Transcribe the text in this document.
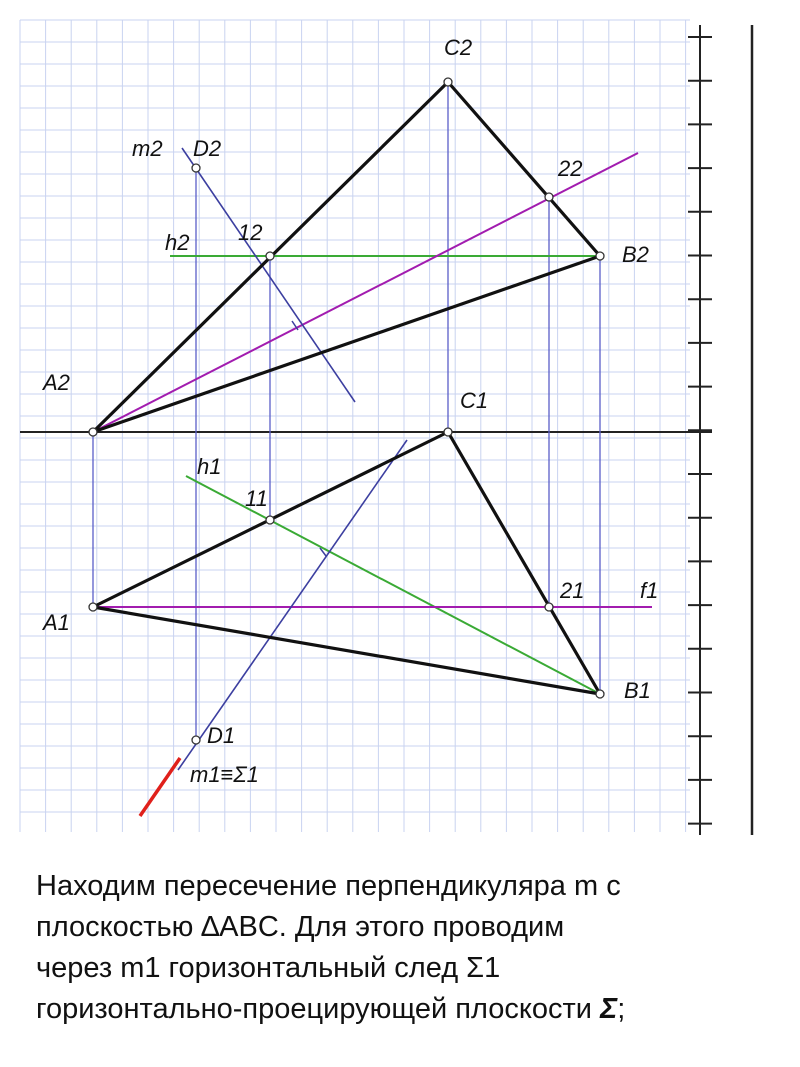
C2
m2 D2
22
h2 12
B2
A2
C1
h1
11
21	f1
A1
B1
D1
m1≡Σ1
Находим пересечение перпендикуляра m с
плоскостью ∆ABC. Для этого проводим
через m1 горизонтальный след Σ1
горизонтально-проецирующей плоскости Σ;
